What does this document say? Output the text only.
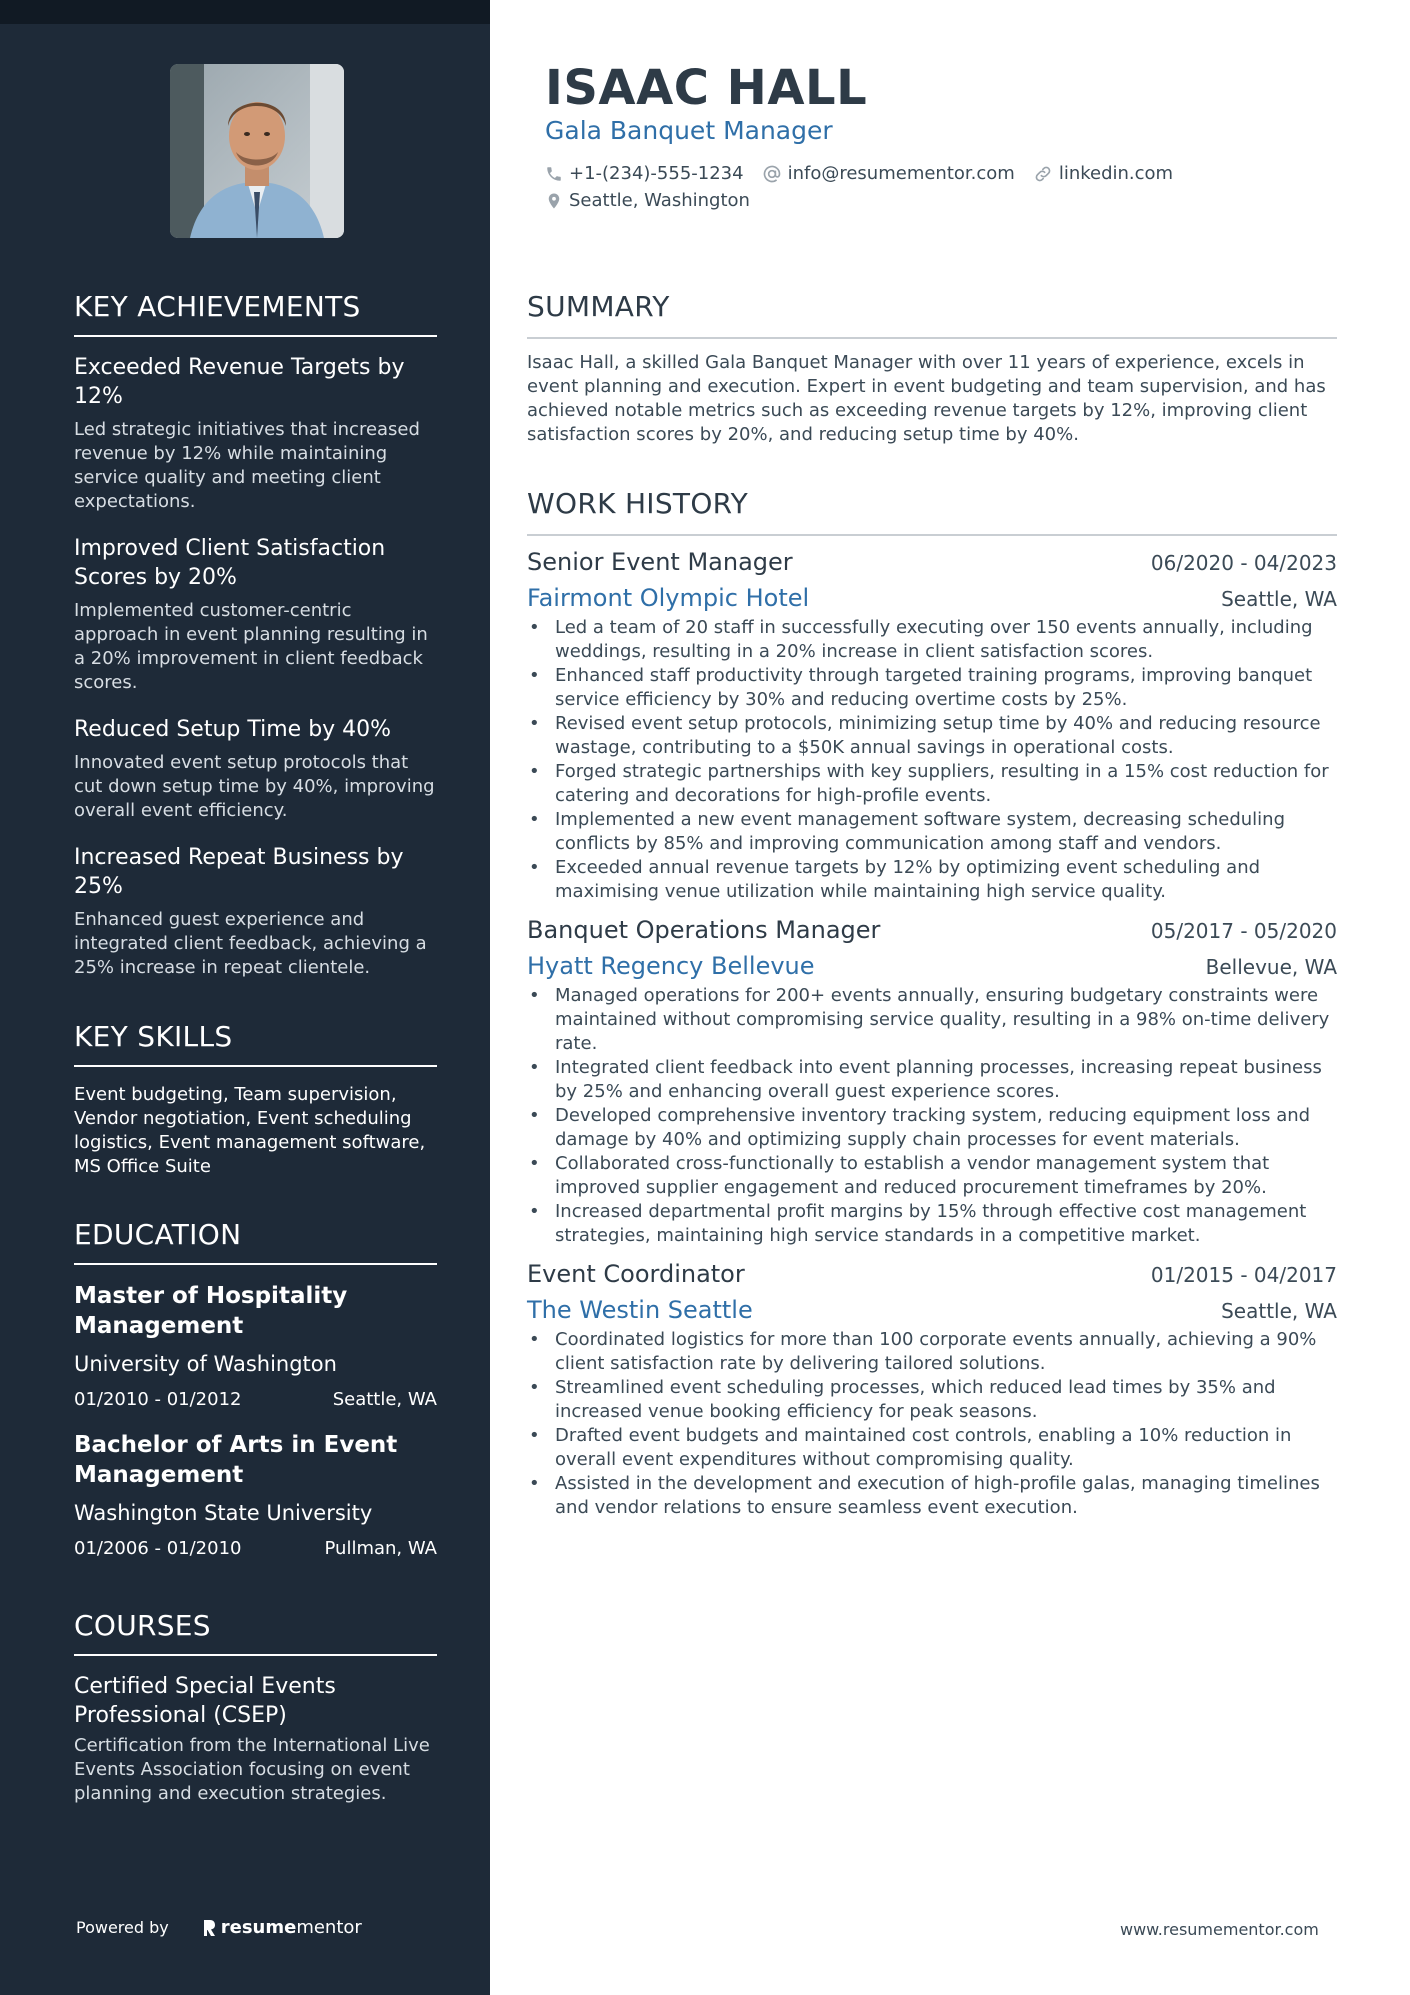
KEY ACHIEVEMENTS
Exceeded Revenue Targets by 12%
Led strategic initiatives that increased revenue by 12% while maintaining service quality and meeting client expectations.
Improved Client Satisfaction Scores by 20%
Implemented customer-centric approach in event planning resulting in a 20% improvement in client feedback scores.
Reduced Setup Time by 40%
Innovated event setup protocols that cut down setup time by 40%, improving overall event efficiency.
Increased Repeat Business by 25%
Enhanced guest experience and integrated client feedback, achieving a 25% increase in repeat clientele.
KEY SKILLS
Event budgeting, Team supervision, Vendor negotiation, Event scheduling logistics, Event management software, MS Office Suite
EDUCATION
Master of Hospitality Management
University of Washington
01/2010 - 01/2012	Seattle, WA
Bachelor of Arts in Event Management
Washington State University
01/2006 - 01/2010	Pullman, WA
COURSES
Certified Special Events Professional (CSEP)
Certification from the International Live Events Association focusing on event planning and execution strategies.
Powered by	resume mentor
ISAAC HALL
Gala Banquet Manager
+1-(234)-555-1234 info@resumementor.com linkedin.com
Seattle, Washington
SUMMARY
Isaac Hall, a skilled Gala Banquet Manager with over 11 years of experience, excels in event planning and execution. Expert in event budgeting and team supervision, and has achieved notable metrics such as exceeding revenue targets by 12%, improving client satisfaction scores by 20%, and reducing setup time by 40%.
WORK HISTORY
Senior Event Manager	06/2020 - 04/2023
Fairmont Olympic Hotel	Seattle, WA
• Led a team of 20 staff in successfully executing over 150 events annually, including weddings, resulting in a 20% increase in client satisfaction scores.
• Enhanced staff productivity through targeted training programs, improving banquet service efficiency by 30% and reducing overtime costs by 25%.
• Revised event setup protocols, minimizing setup time by 40% and reducing resource wastage, contributing to a $50K annual savings in operational costs.
• Forged strategic partnerships with key suppliers, resulting in a 15% cost reduction for catering and decorations for high-profile events.
• Implemented a new event management software system, decreasing scheduling conflicts by 85% and improving communication among staff and vendors.
• Exceeded annual revenue targets by 12% by optimizing event scheduling and maximising venue utilization while maintaining high service quality.
Banquet Operations Manager	05/2017 - 05/2020
Hyatt Regency Bellevue	Bellevue, WA
• Managed operations for 200+ events annually, ensuring budgetary constraints were maintained without compromising service quality, resulting in a 98% on-time delivery rate.
• Integrated client feedback into event planning processes, increasing repeat business by 25% and enhancing overall guest experience scores.
• Developed comprehensive inventory tracking system, reducing equipment loss and damage by 40% and optimizing supply chain processes for event materials.
• Collaborated cross-functionally to establish a vendor management system that improved supplier engagement and reduced procurement timeframes by 20%.
• Increased departmental profit margins by 15% through effective cost management strategies, maintaining high service standards in a competitive market.
Event Coordinator	01/2015 - 04/2017
The Westin Seattle	Seattle, WA
• Coordinated logistics for more than 100 corporate events annually, achieving a 90% client satisfaction rate by delivering tailored solutions.
• Streamlined event scheduling processes, which reduced lead times by 35% and increased venue booking efficiency for peak seasons.
• Drafted event budgets and maintained cost controls, enabling a 10% reduction in overall event expenditures without compromising quality.
• Assisted in the development and execution of high-profile galas, managing timelines and vendor relations to ensure seamless event execution.
www.resumementor.com
